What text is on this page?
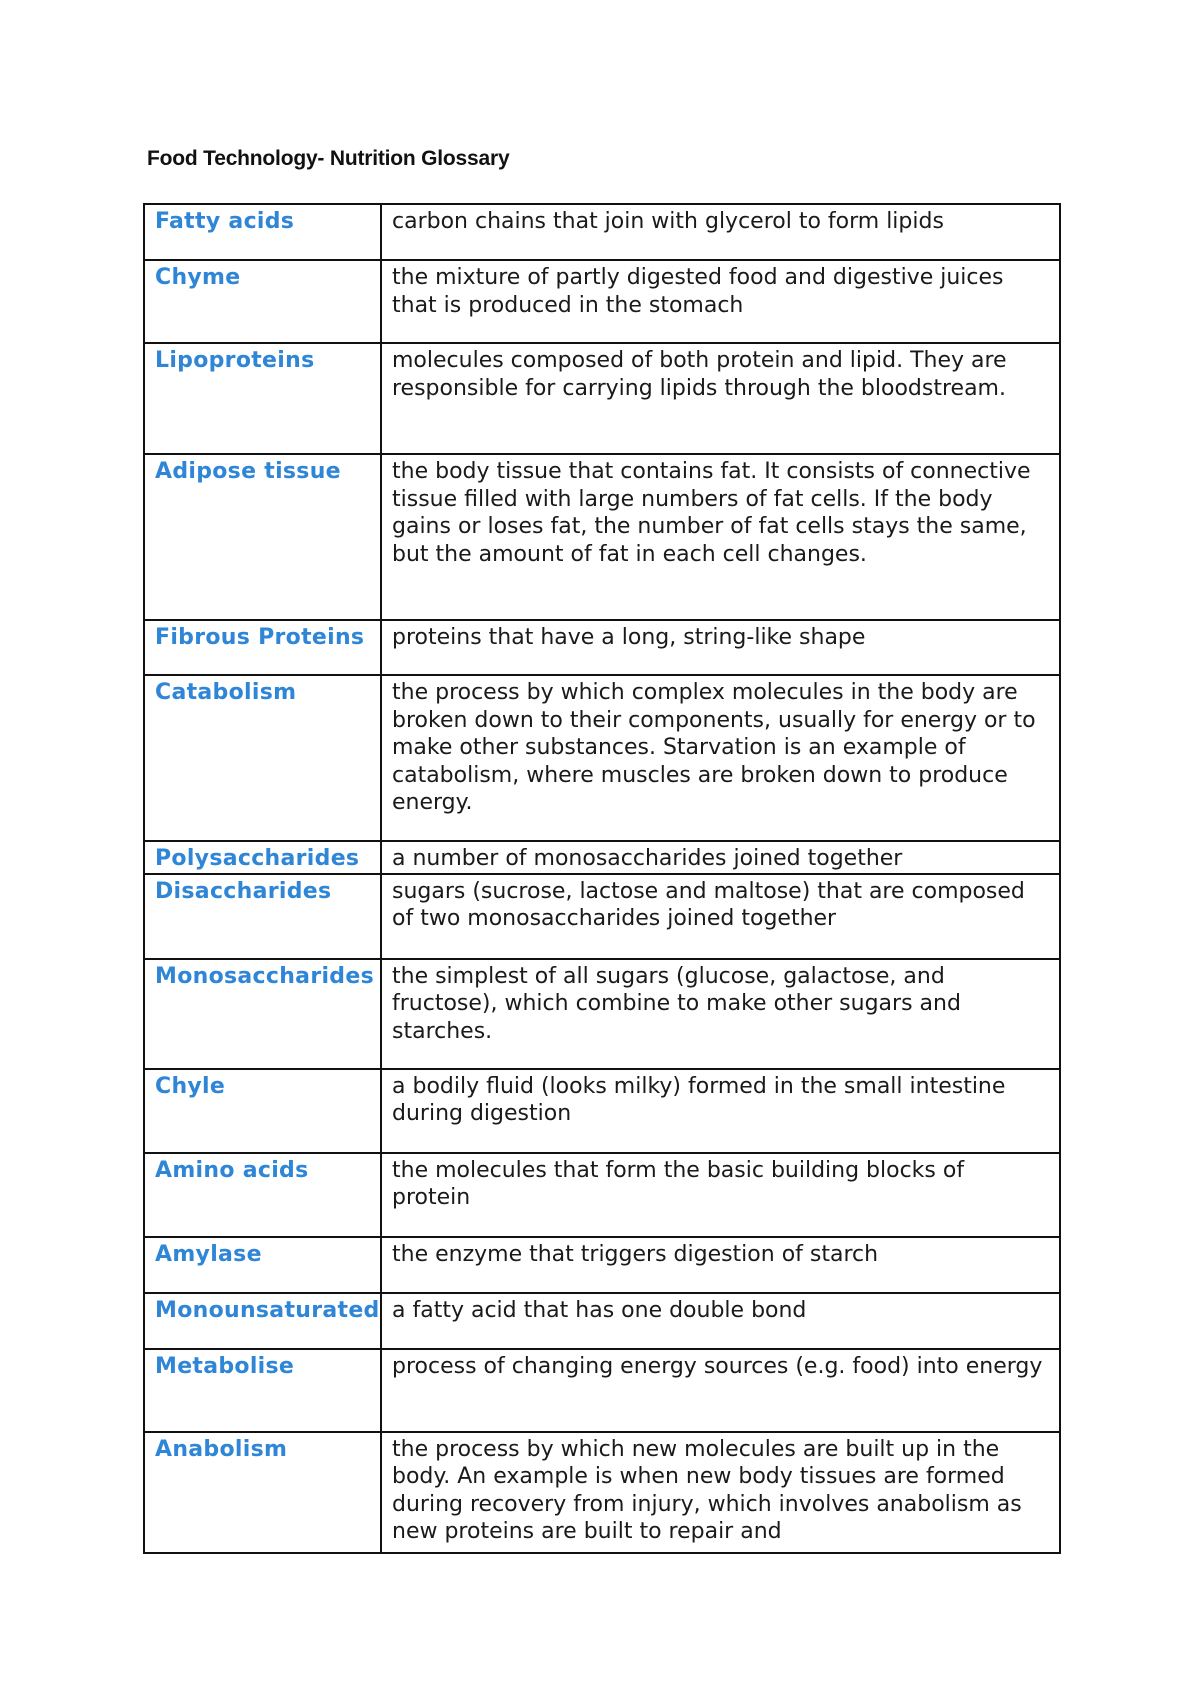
Food Technology- Nutrition Glossary
Fatty acids	carbon chains that join with glycerol to form lipids
Chyme	the mixture of partly digested food and digestive juices that is produced in the stomach
Lipoproteins	molecules composed of both protein and lipid. They are responsible for carrying lipids through the bloodstream.
Adipose tissue	the body tissue that contains fat. It consists of connective tissue filled with large numbers of fat cells. If the body gains or loses fat, the number of fat cells stays the same, but the amount of fat in each cell changes.
Fibrous Proteins	proteins that have a long, string-like shape
Catabolism	the process by which complex molecules in the body are broken down to their components, usually for energy or to make other substances. Starvation is an example of catabolism, where muscles are broken down to produce energy.
Polysaccharides	a number of monosaccharides joined together
Disaccharides	sugars (sucrose, lactose and maltose) that are composed of two monosaccharides joined together
Monosaccharides	the simplest of all sugars (glucose, galactose, and fructose), which combine to make other sugars and starches.
Chyle	a bodily fluid (looks milky) formed in the small intestine during digestion
Amino acids	the molecules that form the basic building blocks of protein
Amylase	the enzyme that triggers digestion of starch
Monounsaturated	a fatty acid that has one double bond
Metabolise	process of changing energy sources (e.g. food) into energy
Anabolism	the process by which new molecules are built up in the body. An example is when new body tissues are formed during recovery from injury, which involves anabolism as new proteins are built to repair and
